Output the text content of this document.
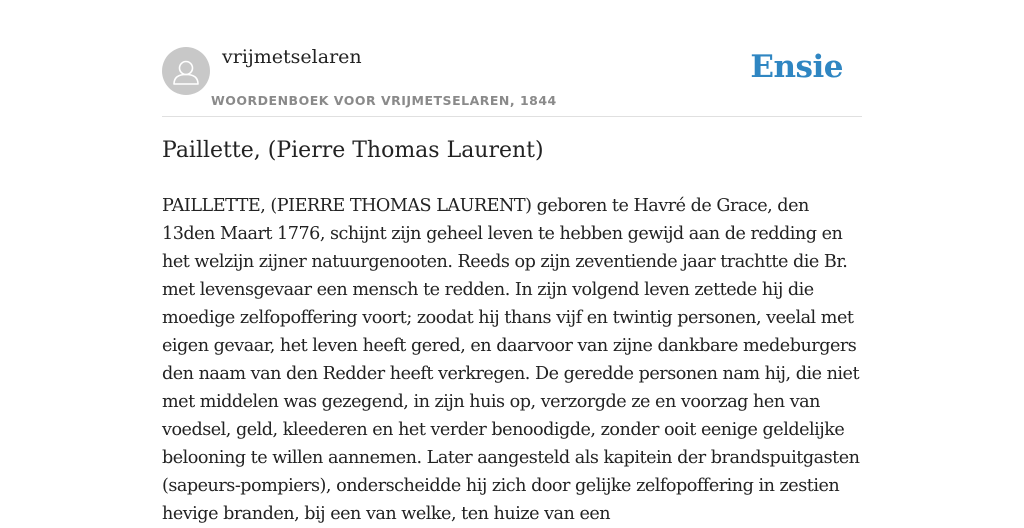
vrijmetselaren
WOORDENBOEK VOOR VRIJMETSELAREN, 1844
Ensie
Paillette, (Pierre Thomas Laurent)

PAILLETTE, (PIERRE THOMAS LAURENT) geboren te Havré de Grace, den 13den Maart 1776, schijnt zijn geheel leven te hebben gewijd aan de redding en het welzijn zijner natuurgenooten. Reeds op zijn zeventiende jaar trachtte die Br. met levensgevaar een mensch te redden. In zijn volgend leven zettede hij die moedige zelfopoffering voort; zoodat hij thans vijf en twintig personen, veelal met eigen gevaar, het leven heeft gered, en daarvoor van zijne dankbare medeburgers den naam van den Redder heeft verkregen. De geredde personen nam hij, die niet met middelen was gezegend, in zijn huis op, verzorgde ze en voorzag hen van voedsel, geld, kleederen en het verder benoodigde, zonder ooit eenige geldelijke belooning te willen aannemen. Later aangesteld als kapitein der brandspuitgasten (sapeurs-pompiers), onderscheidde hij zich door gelijke zelfopoffering in zestien hevige branden, bij een van welke, ten huize van een
